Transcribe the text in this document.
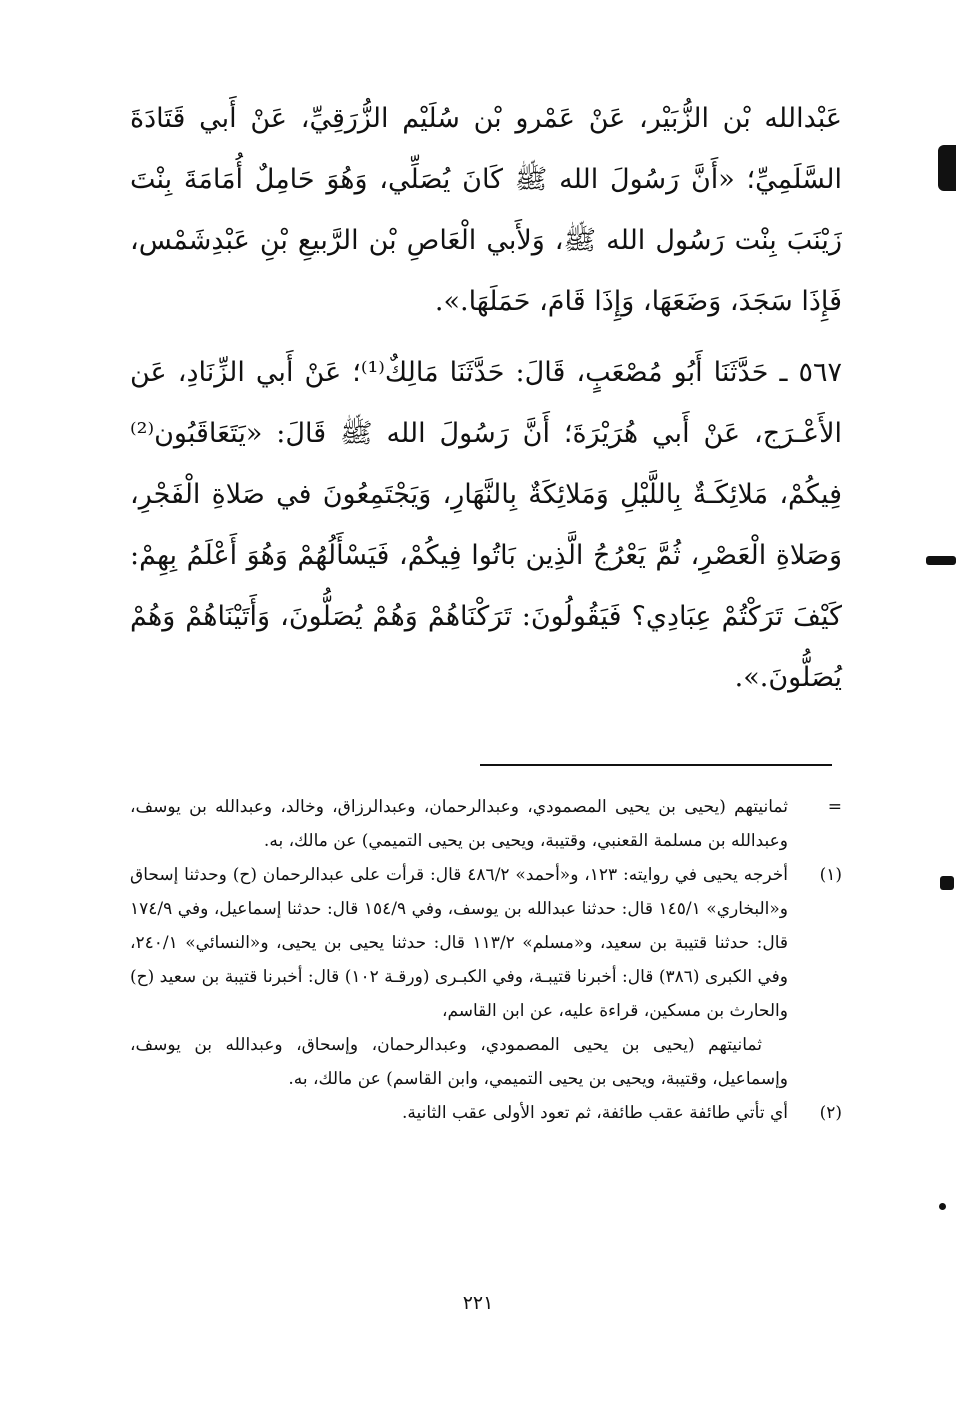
عَبْدالله بْن الزُّبَيْر، عَنْ عَمْرو بْن سُلَيْم الزُّرَقِيِّ، عَنْ أَبي قَتَادَةَ السَّلَمِيِّ؛ «أَنَّ رَسُولَ الله ﷺ كَانَ يُصَلِّي، وَهُوَ حَامِلٌ أُمَامَةَ بِنْتَ زَيْنَبَ بِنْت رَسُول الله ﷺ، وَلأَبي الْعَاصِ بْن الرَّبيعِ بْنِ عَبْدِشَمْس، فَإِذَا سَجَدَ، وَضَعَهَا، وَإِذَا قَامَ، حَمَلَهَا.».

٥٦٧ ـ حَدَّثَنَا أَبُو مُصْعَبٍ، قَالَ: حَدَّثَنَا مَالِكٌ⁽¹⁾؛ عَنْ أَبي الزِّنَادِ، عَن الأَعْـرَج، عَنْ أَبي هُرَيْرَةَ؛ أَنَّ رَسُولَ الله ﷺ قَالَ: «يَتَعَاقَبُون⁽²⁾ فِيكُمْ، مَلائِكَـةٌ بِاللَّيْلِ وَمَلائِكَةٌ بِالنَّهَارِ، وَيَجْتَمِعُونَ في صَلاةِ الْفَجْرِ، وَصَلاةِ الْعَصْرِ، ثُمَّ يَعْرُجُ الَّذِين بَاتُوا فِيكُمْ، فَيَسْأَلُهُمْ وَهُوَ أَعْلَمُ بِهِمْ: كَيْفَ تَرَكْتُمْ عِبَادِي؟ فَيَقُولُونَ: تَرَكْنَاهُمْ وَهُمْ يُصَلُّونَ، وَأَتَيْنَاهُمْ وَهُمْ يُصَلُّونَ.».

=
ثمانيتهم (يحيى بن يحيى المصمودي، وعبدالرحمان، وعبدالرزاق، وخالد، وعبدالله بن يوسف، وعبدالله بن مسلمة القعنبي، وقتيبة، ويحيى بن يحيى التميمي) عن مالك، به.
(١)
أخرجه يحيى في روايته: ١٢٣، و«أحمد» ٤٨٦/٢ قال: قرأت على عبدالرحمان (ح) وحدثنا إسحاق و«البخاري» ١٤٥/١ قال: حدثنا عبدالله بن يوسف، وفي ١٥٤/٩ قال: حدثنا إسماعيل، وفي ١٧٤/٩ قال: حدثنا قتيبة بن سعيد، و«مسلم» ١١٣/٢ قال: حدثنا يحيى بن يحيى، و«النسائي» ٢٤٠/١، وفي الكبرى (٣٨٦) قال: أخبرنا قتيبـة، وفي الكبـرى (ورقـة ١٠٢) قال: أخبرنا قتيبة بن سعيد (ح) والحارث بن مسكين، قراءة عليه، عن ابن القاسم،
ثمانيتهم (يحيى بن يحيى المصمودي، وعبدالرحمان، وإسحاق، وعبدالله بن يوسف، وإسماعيل، وقتيبة، ويحيى بن يحيى التميمي، وابن القاسم) عن مالك، به.
(٢)
أي تأتي طائفة عقب طائفة، ثم تعود الأولى عقب الثانية.
٢٢١
